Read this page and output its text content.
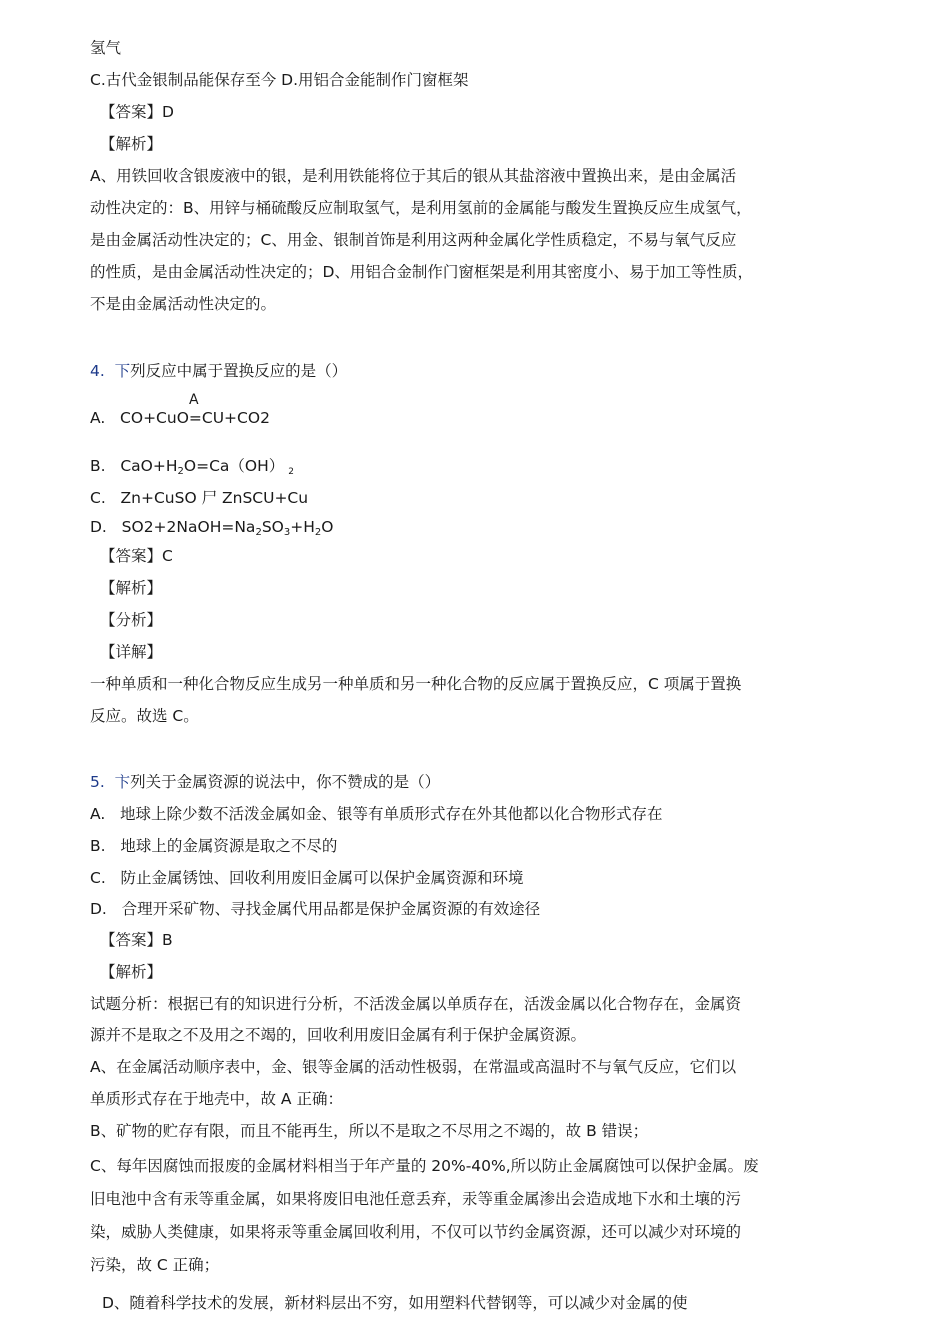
氢气
C.古代金银制品能保存至今 D.用铝合金能制作门窗框架
【答案】D
【解析】
A、用铁回收含银废液中的银，是利用铁能将位于其后的银从其盐溶液中置换出来，是由金属活
动性决定的：B、用锌与桶硫酸反应制取氢气，是利用氢前的金属能与酸发生置换反应生成氢气，
是由金属活动性决定的；C、用金、银制首饰是利用这两种金属化学性质稳定，不易与氧气反应
的性质，是由金属活动性决定的；D、用铝合金制作门窗框架是利用其密度小、易于加工等性质，
不是由金属活动性决定的。
4. 下列反应中属于置换反应的是（）
A
A. CO+CuO=CU+CO2
B. $CaO+H_2O=Ca(OH)$ 2
C. Zn+CuSO 尸 ZnSCU+Cu
D. $SO2+2NaOH=Na_2SO_3+H_2O$
【答案】C
【解析】
【分析】
【详解】
一种单质和一种化合物反应生成另一种单质和另一种化合物的反应属于置换反应，C 项属于置换
反应。故选 C。
5. 卞列关于金属资源的说法中，你不赞成的是（）
A. 地球上除少数不活泼金属如金、银等有单质形式存在外其他都以化合物形式存在
B. 地球上的金属资源是取之不尽的
C. 防止金属锈蚀、回收利用废旧金属可以保护金属资源和环境
D. 合理开采矿物、寻找金属代用品都是保护金属资源的有效途径
【答案】B
【解析】
试题分析：根据已有的知识进行分析，不活泼金属以单质存在，活泼金属以化合物存在，金属资
源并不是取之不及用之不竭的，回收利用废旧金属有利于保护金属资源。
A、在金属活动顺序表中，金、银等金属的活动性极弱，在常温或高温时不与氧气反应，它们以
单质形式存在于地壳中，故 A 正确：
B、矿物的贮存有限，而且不能再生，所以不是取之不尽用之不竭的，故 B 错误；
C、每年因腐蚀而报废的金属材料相当于年产量的 20%-40%,所以防止金属腐蚀可以保护金属。废
旧电池中含有汞等重金属，如果将废旧电池任意丢弃，汞等重金属渗出会造成地下水和土壤的污
染，威胁人类健康，如果将汞等重金属回收利用，不仅可以节约金属资源，还可以减少对环境的
污染，故 C 正确；
D、随着科学技术的发展，新材料层出不穷，如用塑料代替钢等，可以减少对金属的使
